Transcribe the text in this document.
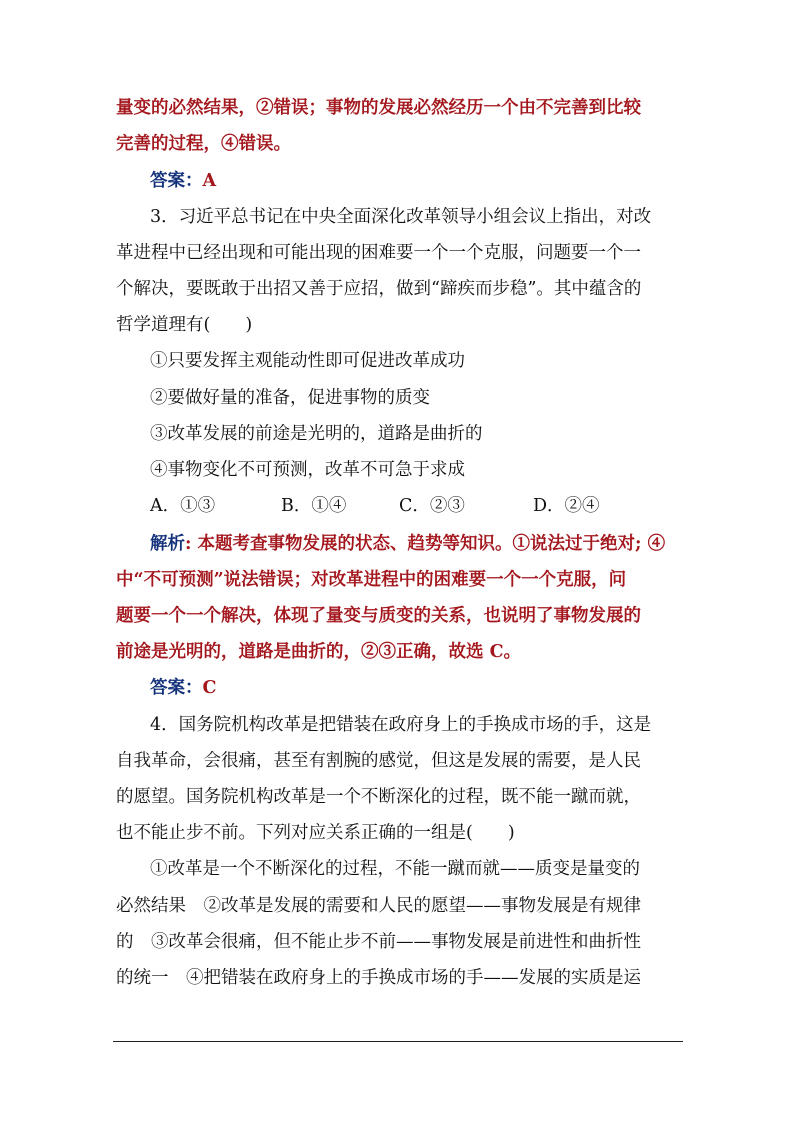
量变的必然结果，②错误；事物的发展必然经历一个由不完善到比较
完善的过程，④错误。
答案：A
3．习近平总书记在中央全面深化改革领导小组会议上指出，对改
革进程中已经出现和可能出现的困难要一个一个克服，问题要一个一
个解决，要既敢于出招又善于应招，做到“蹄疾而步稳”。其中蕴含的
哲学道理有(　　)
①只要发挥主观能动性即可促进改革成功
②要做好量的准备，促进事物的质变
③改革发展的前途是光明的，道路是曲折的
④事物变化不可预测，改革不可急于求成
A．①③	B．①④	C．②③	D．②④
解析: 本题考查事物发展的状态、趋势等知识。①说法过于绝对; ④
中“不可预测”说法错误；对改革进程中的困难要一个一个克服，问
题要一个一个解决，体现了量变与质变的关系，也说明了事物发展的
前途是光明的，道路是曲折的，②③正确，故选 C。
答案：C
4．国务院机构改革是把错装在政府身上的手换成市场的手，这是
自我革命，会很痛，甚至有割腕的感觉，但这是发展的需要，是人民
的愿望。国务院机构改革是一个不断深化的过程，既不能一蹴而就，
也不能止步不前。下列对应关系正确的一组是(　　)
①改革是一个不断深化的过程，不能一蹴而就——质变是量变的
必然结果　②改革是发展的需要和人民的愿望——事物发展是有规律
的　③改革会很痛，但不能止步不前——事物发展是前进性和曲折性
的统一　④把错装在政府身上的手换成市场的手——发展的实质是运
